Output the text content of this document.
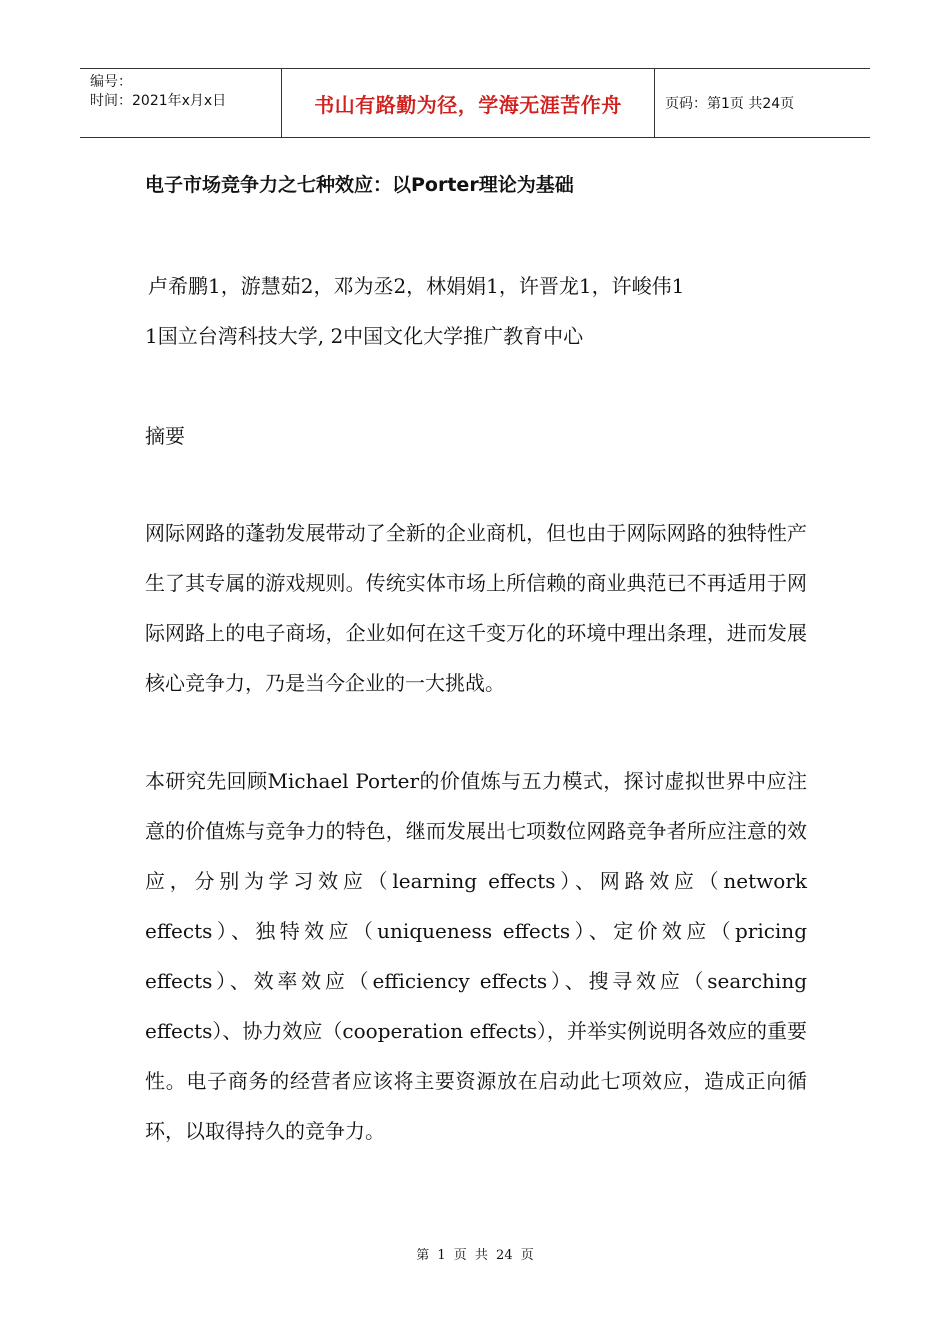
编号：
时间：2021年x月x日	书山有路勤为径，学海无涯苦作舟	页码：第1页 共24页
电子市场竞争力之七种效应：以Porter理论为基础
卢希鹏1，游慧茹2，邓为丞2，林娟娟1，许晋龙1，许峻伟1
1国立台湾科技大学, 2中国文化大学推广教育中心
摘要
网际网路的蓬勃发展带动了全新的企业商机，但也由于网际网路的独特性产生了其专属的游戏规则。传统实体市场上所信赖的商业典范已不再适用于网际网路上的电子商场，企业如何在这千变万化的环境中理出条理，进而发展核心竞争力，乃是当今企业的一大挑战。
本研究先回顾Michael Porter的价值炼与五力模式，探讨虚拟世界中应注意的价值炼与竞争力的特色，继而发展出七项数位网路竞争者所应注意的效应，分别为学习效应（learning effects）、网路效应（network effects）、独特效应（uniqueness effects）、定价效应（pricing effects）、效率效应（efficiency effects）、搜寻效应（searching effects）、协力效应（cooperation effects），并举实例说明各效应的重要性。电子商务的经营者应该将主要资源放在启动此七项效应，造成正向循环，以取得持久的竞争力。
第 1 页 共 24 页
